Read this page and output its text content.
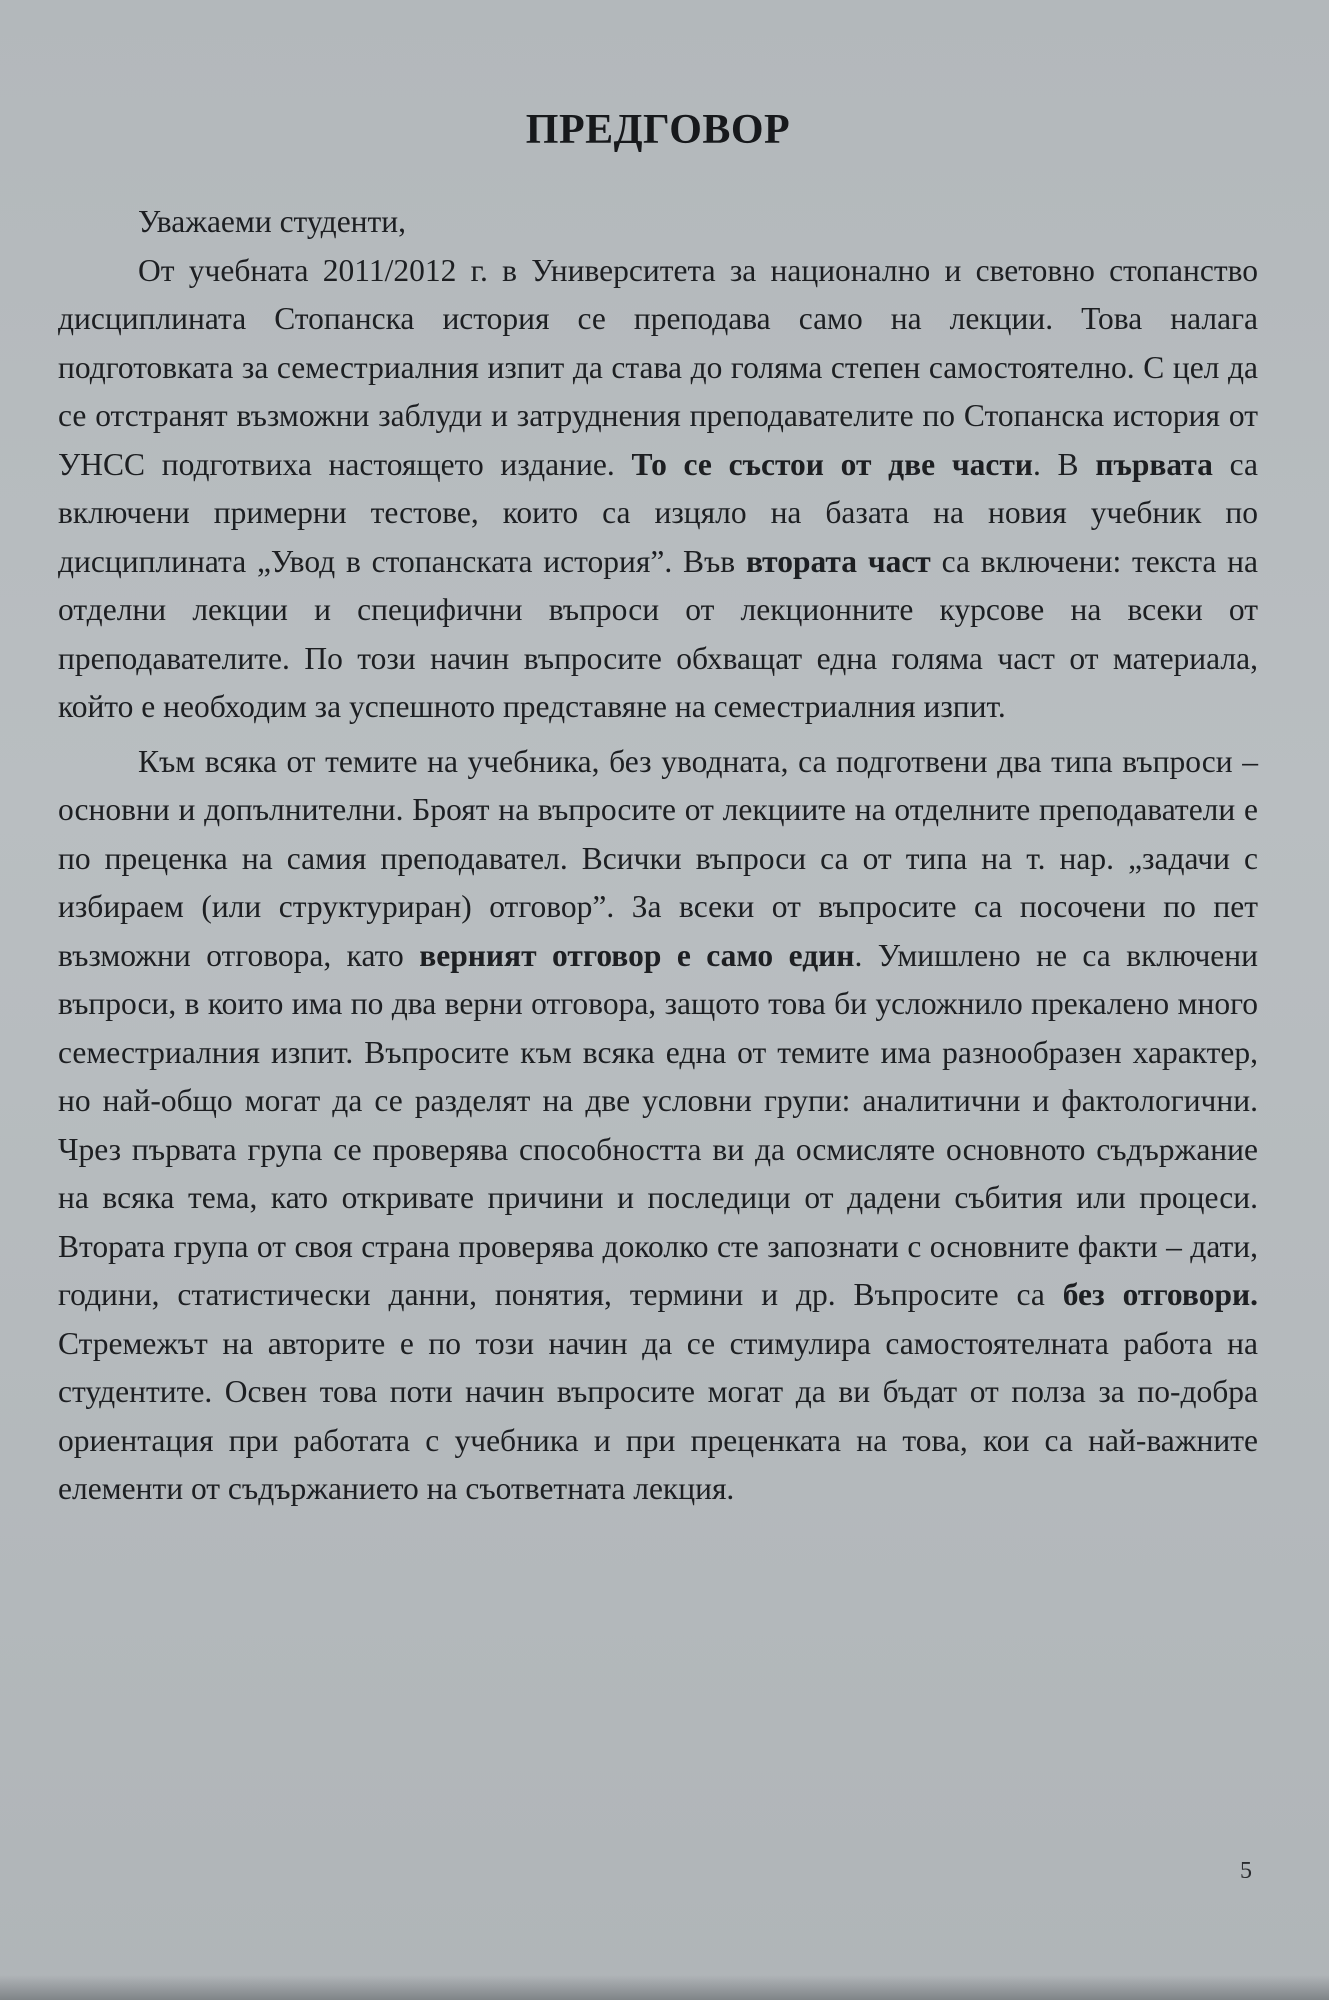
ПРЕДГОВОР

Уважаеми студенти,

От учебната 2011/2012 г. в Университета за национално и световно стопанство дисциплината Стопанска история се преподава само на лекции. Това налага подготовката за семестриалния изпит да става до голяма степен самостоятелно. С цел да се отстранят възможни заблуди и затруднения преподавателите по Стопанска история от УНСС подготвиха настоящето издание. То се състои от две части. В първата са включени примерни тестове, които са изцяло на базата на новия учебник по дисциплината „Увод в стопанската история”. Във втората част са включени: текста на отделни лекции и специфични въпроси от лекционните курсове на всеки от преподавателите. По този начин въпросите обхващат една голяма част от материала, който е необходим за успешното представяне на семестриалния изпит.

Към всяка от темите на учебника, без уводната, са подготвени два типа въпроси – основни и допълнителни. Броят на въпросите от лекциите на отделните преподаватели е по преценка на самия преподавател. Всички въпроси са от типа на т. нар. „задачи с избираем (или структуриран) отговор”. За всеки от въпросите са посочени по пет възможни отговора, като верният отговор е само един. Умишлено не са включени въпроси, в които има по два верни отговора, защото това би усложнило прекалено много семестриалния изпит. Въпросите към всяка една от темите има разнообразен характер, но най-общо могат да се разделят на две условни групи: аналитични и фактологични. Чрез първата група се проверява способността ви да осмисляте основното съдържание на всяка тема, като откривате причини и последици от дадени събития или процеси. Втората група от своя страна проверява доколко сте запознати с основните факти – дати, години, статистически данни, понятия, термини и др. Въпросите са без отговори. Стремежът на авторите е по този начин да се стимулира самостоятелната работа на студентите. Освен това поти начин въпросите могат да ви бъдат от полза за по-добра ориентация при работата с учебника и при преценката на това, кои са най-важните елементи от съдържанието на съответната лекция.

5
